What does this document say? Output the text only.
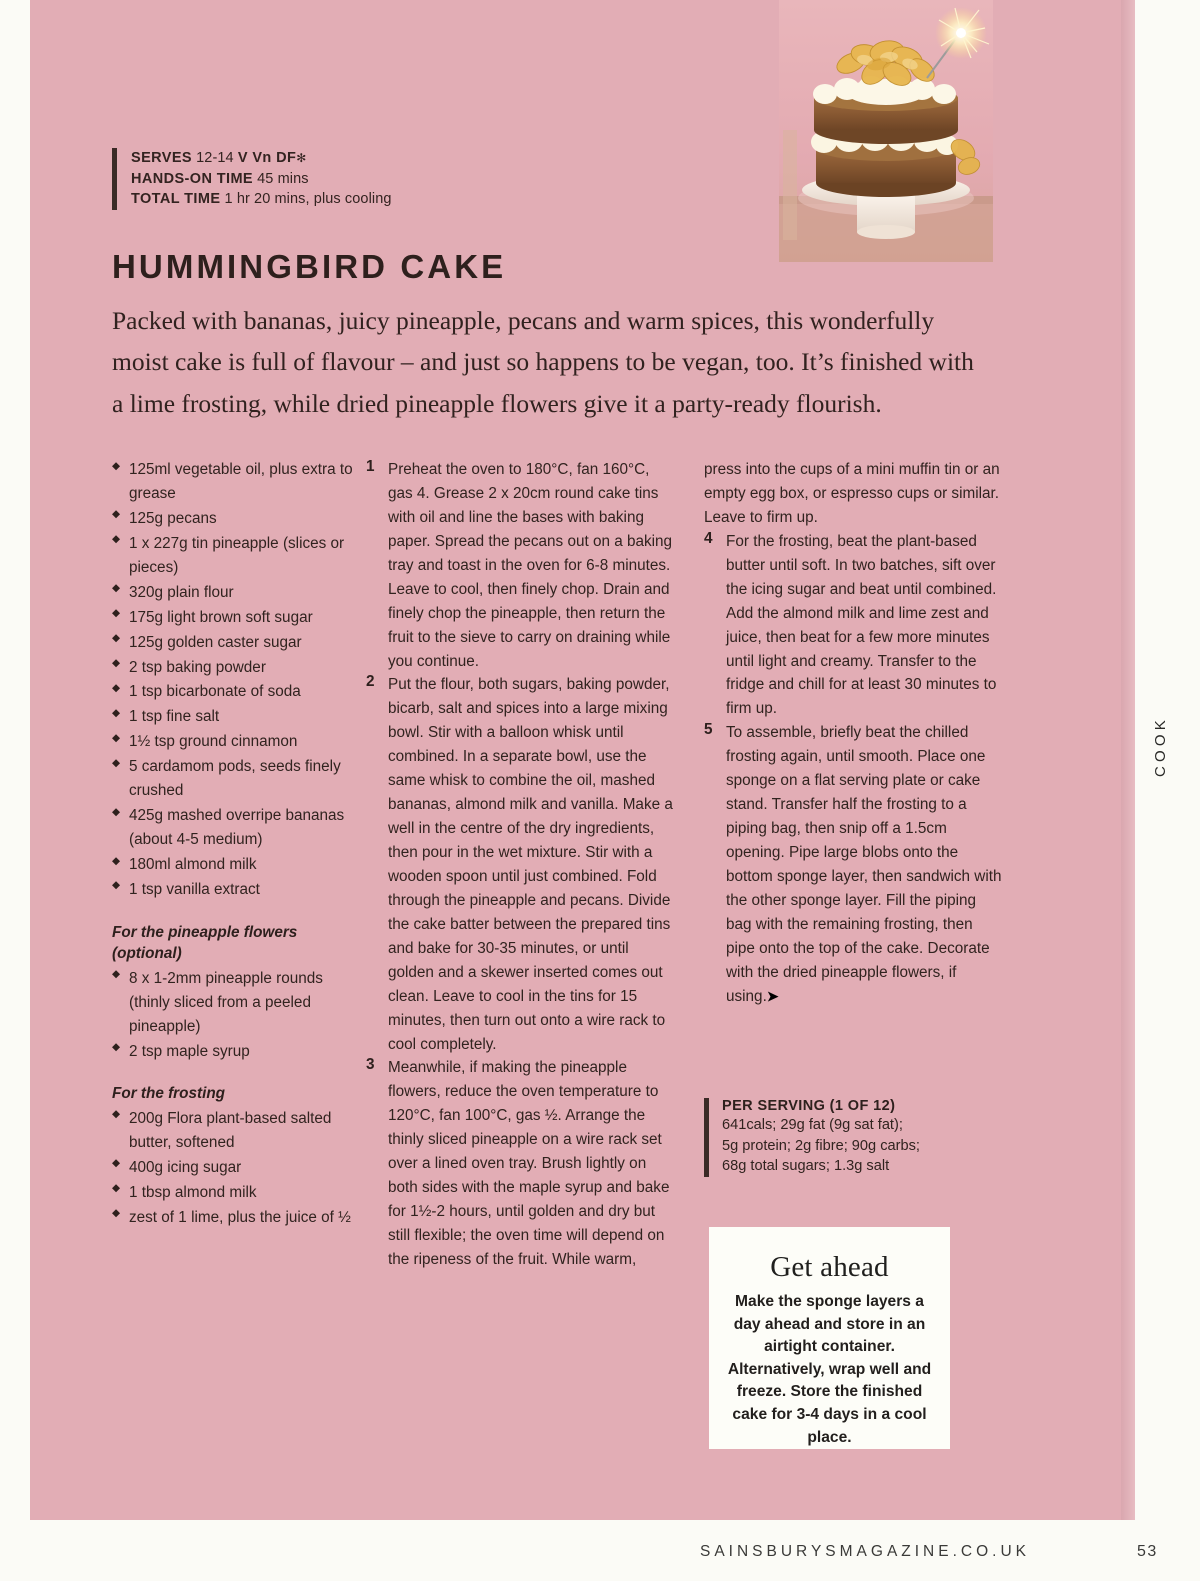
SERVES 12-14 V Vn DF✻
HANDS-ON TIME 45 mins
TOTAL TIME 1 hr 20 mins, plus cooling
HUMMINGBIRD CAKE

Packed with bananas, juicy pineapple, pecans and warm spices, this wonderfully moist cake is full of flavour – and just so happens to be vegan, too. It’s finished with a lime frosting, while dried pineapple flowers give it a party-ready flourish.

◆ 125ml vegetable oil, plus extra to grease
◆ 125g pecans
◆ 1 x 227g tin pineapple (slices or pieces)
◆ 320g plain flour
◆ 175g light brown soft sugar
◆ 125g golden caster sugar
◆ 2 tsp baking powder
◆ 1 tsp bicarbonate of soda
◆ 1 tsp fine salt
◆ 1½ tsp ground cinnamon
◆ 5 cardamom pods, seeds finely crushed
◆ 425g mashed overripe bananas (about 4-5 medium)
◆ 180ml almond milk
◆ 1 tsp vanilla extract
For the pineapple flowers (optional)
◆ 8 x 1-2mm pineapple rounds (thinly sliced from a peeled pineapple)
◆ 2 tsp maple syrup
For the frosting
◆ 200g Flora plant-based salted butter, softened
◆ 400g icing sugar
◆ 1 tbsp almond milk
◆ zest of 1 lime, plus the juice of ½
1 Preheat the oven to 180°C, fan 160°C, gas 4. Grease 2 x 20cm round cake tins with oil and line the bases with baking paper. Spread the pecans out on a baking tray and toast in the oven for 6-8 minutes. Leave to cool, then finely chop. Drain and finely chop the pineapple, then return the fruit to the sieve to carry on draining while you continue.
2 Put the flour, both sugars, baking powder, bicarb, salt and spices into a large mixing bowl. Stir with a balloon whisk until combined. In a separate bowl, use the same whisk to combine the oil, mashed bananas, almond milk and vanilla. Make a well in the centre of the dry ingredients, then pour in the wet mixture. Stir with a wooden spoon until just combined. Fold through the pineapple and pecans. Divide the cake batter between the prepared tins and bake for 30-35 minutes, or until golden and a skewer inserted comes out clean. Leave to cool in the tins for 15 minutes, then turn out onto a wire rack to cool completely.
3 Meanwhile, if making the pineapple flowers, reduce the oven temperature to 120°C, fan 100°C, gas ½. Arrange the thinly sliced pineapple on a wire rack set over a lined oven tray. Brush lightly on both sides with the maple syrup and bake for 1½-2 hours, until golden and dry but still flexible; the oven time will depend on the ripeness of the fruit. While warm,

press into the cups of a mini muffin tin or an empty egg box, or espresso cups or similar. Leave to firm up.

4 For the frosting, beat the plant-based butter until soft. In two batches, sift over the icing sugar and beat until combined. Add the almond milk and lime zest and juice, then beat for a few more minutes until light and creamy. Transfer to the fridge and chill for at least 30 minutes to firm up.
5 To assemble, briefly beat the chilled frosting again, until smooth. Place one sponge on a flat serving plate or cake stand. Transfer half the frosting to a piping bag, then snip off a 1.5cm opening. Pipe large blobs onto the bottom sponge layer, then sandwich with the other sponge layer. Fill the piping bag with the remaining frosting, then pipe onto the top of the cake. Decorate with the dried pineapple flowers, if using.➤
PER SERVING (1 OF 12)
641cals; 29g fat (9g sat fat);
5g protein; 2g fibre; 90g carbs;
68g total sugars; 1.3g salt
Get ahead
Make the sponge layers a day ahead and store in an airtight container. Alternatively, wrap well and freeze. Store the finished cake for 3-4 days in a cool place.
COOK
SAINSBURYSMAGAZINE.CO.UK	53
